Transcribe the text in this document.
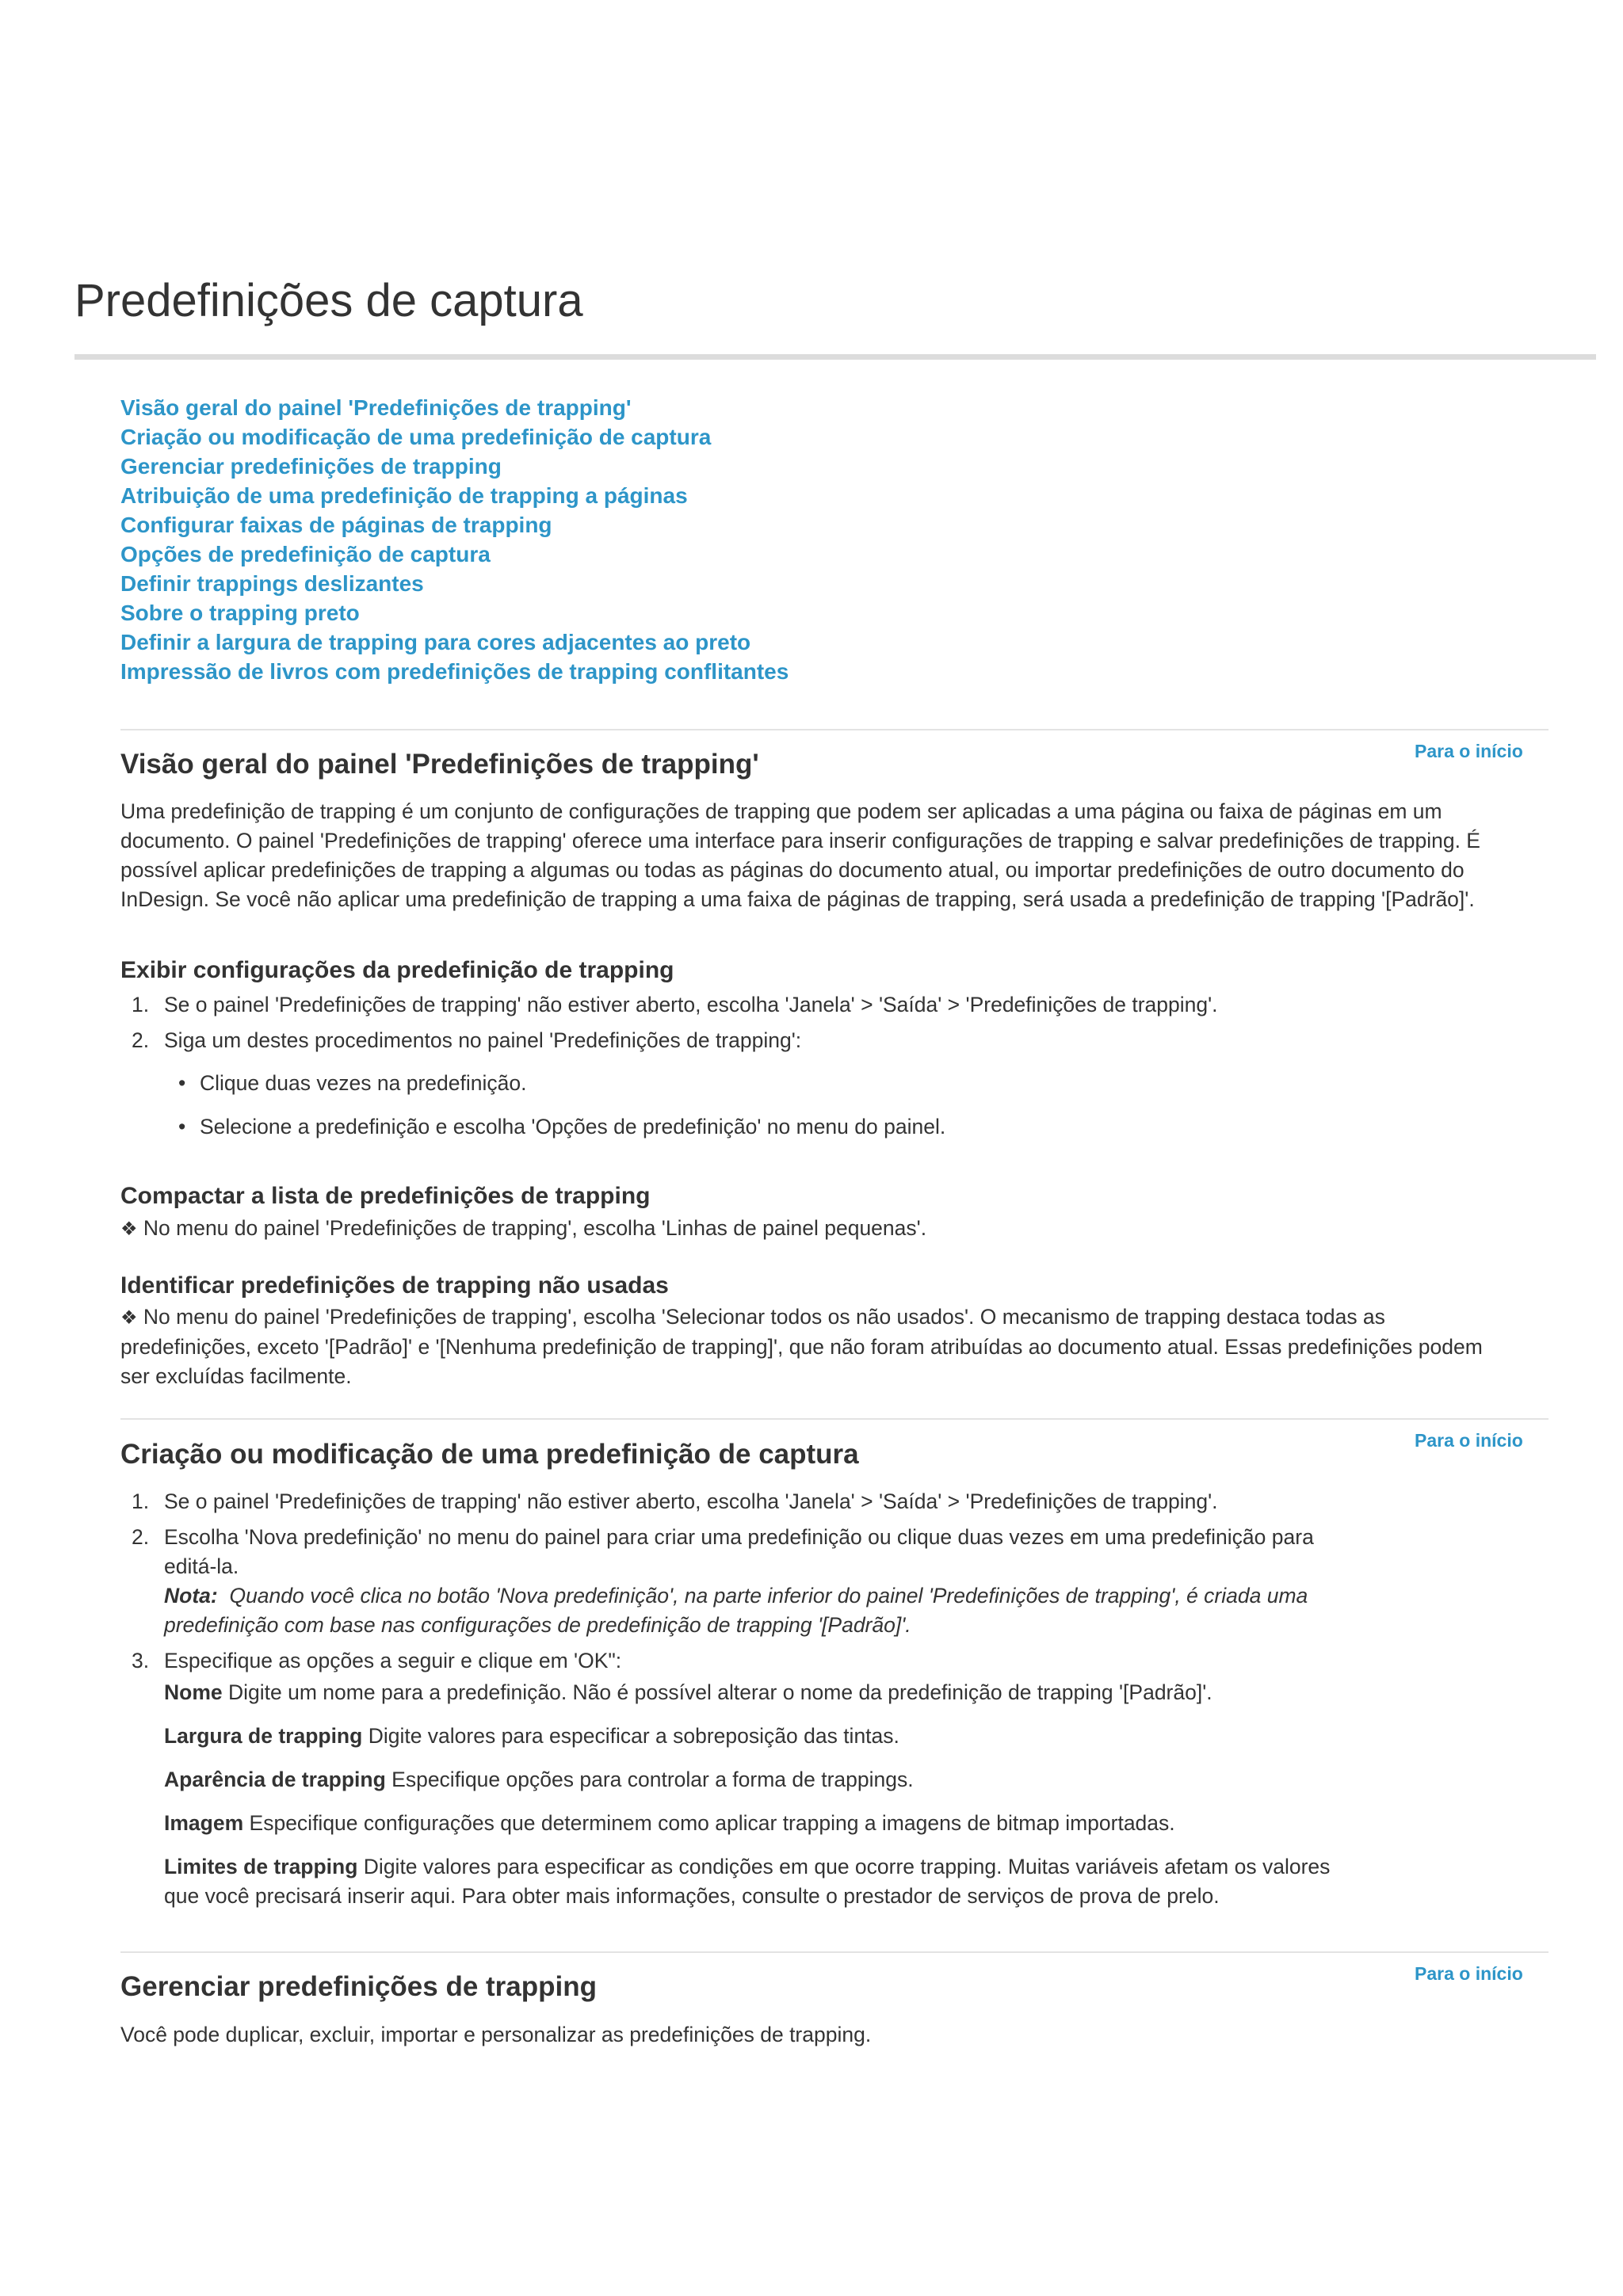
Predefinições de captura
Visão geral do painel 'Predefinições de trapping'
Criação ou modificação de uma predefinição de captura
Gerenciar predefinições de trapping
Atribuição de uma predefinição de trapping a páginas
Configurar faixas de páginas de trapping
Opções de predefinição de captura
Definir trappings deslizantes
Sobre o trapping preto
Definir a largura de trapping para cores adjacentes ao preto
Impressão de livros com predefinições de trapping conflitantes
Para o início
Visão geral do painel 'Predefinições de trapping'
Uma predefinição de trapping é um conjunto de configurações de trapping que podem ser aplicadas a uma página ou faixa de páginas em um
documento. O painel 'Predefinições de trapping' oferece uma interface para inserir configurações de trapping e salvar predefinições de trapping. É
possível aplicar predefinições de trapping a algumas ou todas as páginas do documento atual, ou importar predefinições de outro documento do
InDesign. Se você não aplicar uma predefinição de trapping a uma faixa de páginas de trapping, será usada a predefinição de trapping '[Padrão]'.
Exibir configurações da predefinição de trapping
1. Se o painel 'Predefinições de trapping' não estiver aberto, escolha 'Janela' > 'Saída' > 'Predefinições de trapping'.
2. Siga um destes procedimentos no painel 'Predefinições de trapping':
• Clique duas vezes na predefinição.
• Selecione a predefinição e escolha 'Opções de predefinição' no menu do painel.
Compactar a lista de predefinições de trapping
❖ No menu do painel 'Predefinições de trapping', escolha 'Linhas de painel pequenas'.
Identificar predefinições de trapping não usadas
❖ No menu do painel 'Predefinições de trapping', escolha 'Selecionar todos os não usados'. O mecanismo de trapping destaca todas as
predefinições, exceto '[Padrão]' e '[Nenhuma predefinição de trapping]', que não foram atribuídas ao documento atual. Essas predefinições podem
ser excluídas facilmente.
Para o início
Criação ou modificação de uma predefinição de captura
1. Se o painel 'Predefinições de trapping' não estiver aberto, escolha 'Janela' > 'Saída' > 'Predefinições de trapping'.
2. Escolha 'Nova predefinição' no menu do painel para criar uma predefinição ou clique duas vezes em uma predefinição para
editá-la.
Nota: Quando você clica no botão 'Nova predefinição', na parte inferior do painel 'Predefinições de trapping', é criada uma
predefinição com base nas configurações de predefinição de trapping '[Padrão]'.
3. Especifique as opções a seguir e clique em 'OK":

Nome Digite um nome para a predefinição. Não é possível alterar o nome da predefinição de trapping '[Padrão]'.

Largura de trapping Digite valores para especificar a sobreposição das tintas.

Aparência de trapping Especifique opções para controlar a forma de trappings.

Imagem Especifique configurações que determinem como aplicar trapping a imagens de bitmap importadas.

Limites de trapping Digite valores para especificar as condições em que ocorre trapping. Muitas variáveis afetam os valores
que você precisará inserir aqui. Para obter mais informações, consulte o prestador de serviços de prova de prelo.
Para o início
Gerenciar predefinições de trapping

Você pode duplicar, excluir, importar e personalizar as predefinições de trapping.
